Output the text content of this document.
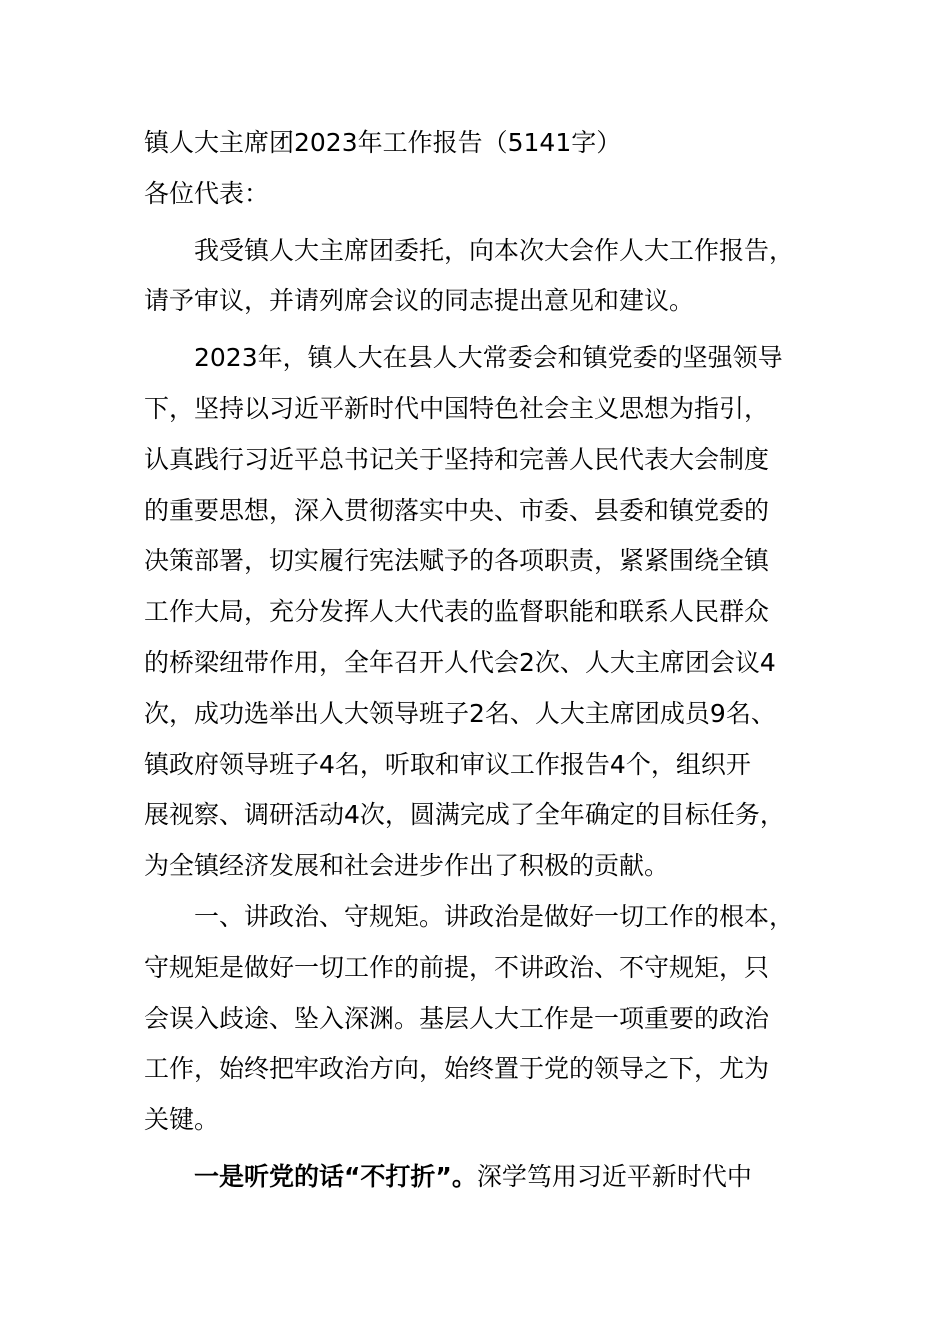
镇人大主席团2023年工作报告（5141字）
各位代表：
我受镇人大主席团委托，向本次大会作人大工作报告，
请予审议，并请列席会议的同志提出意见和建议。
2023年，镇人大在县人大常委会和镇党委的坚强领导
下，坚持以习近平新时代中国特色社会主义思想为指引，
认真践行习近平总书记关于坚持和完善人民代表大会制度
的重要思想，深入贯彻落实中央、市委、县委和镇党委的
决策部署，切实履行宪法赋予的各项职责，紧紧围绕全镇
工作大局，充分发挥人大代表的监督职能和联系人民群众
的桥梁纽带作用，全年召开人代会2次、人大主席团会议4
次，成功选举出人大领导班子2名、人大主席团成员9名、
镇政府领导班子4名，听取和审议工作报告4个，组织开
展视察、调研活动4次，圆满完成了全年确定的目标任务，
为全镇经济发展和社会进步作出了积极的贡献。
一、讲政治、守规矩。讲政治是做好一切工作的根本，
守规矩是做好一切工作的前提，不讲政治、不守规矩，只
会误入歧途、坠入深渊。基层人大工作是一项重要的政治
工作，始终把牢政治方向，始终置于党的领导之下，尤为
关键。
一是听党的话“不打折”。深学笃用习近平新时代中
